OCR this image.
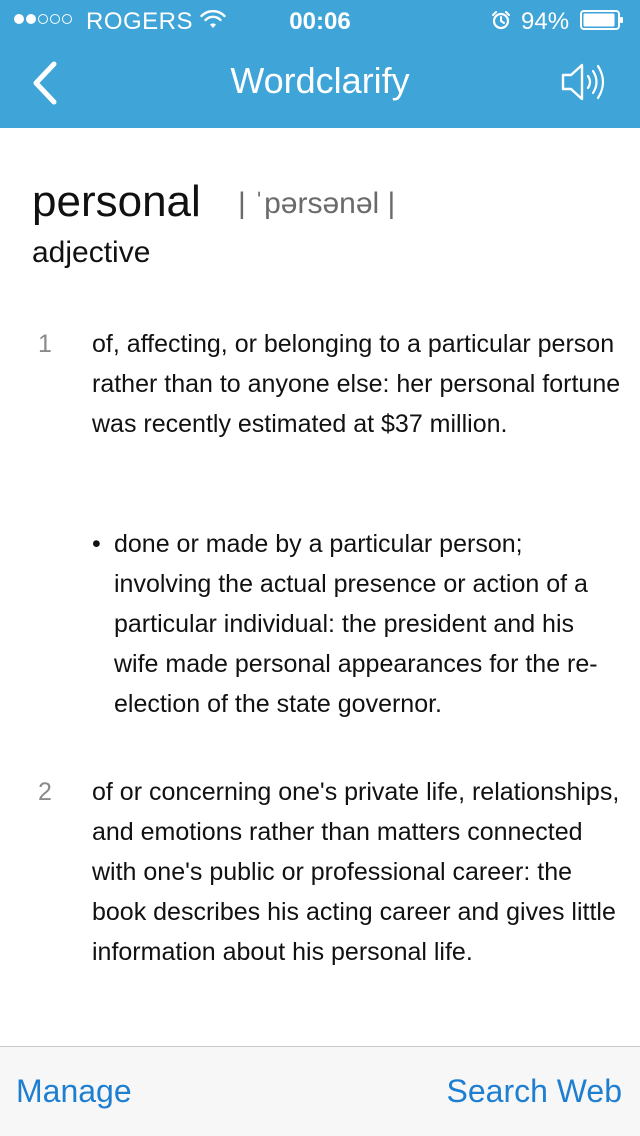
ROGERS	00:06	94%
Wordclarify
personal | ˈpərsənəl |
adjective
1 of, affecting, or belonging to a particular person rather than to anyone else: her personal fortune was recently estimated at $37 million.
• done or made by a particular person; involving the actual presence or action of a particular individual: the president and his wife made personal appearances for the re-election of the state governor.
2 of or concerning one's private life, relationships, and emotions rather than matters connected with one's public or professional career: the book describes his acting career and gives little information about his personal life.
Manage	Search Web
